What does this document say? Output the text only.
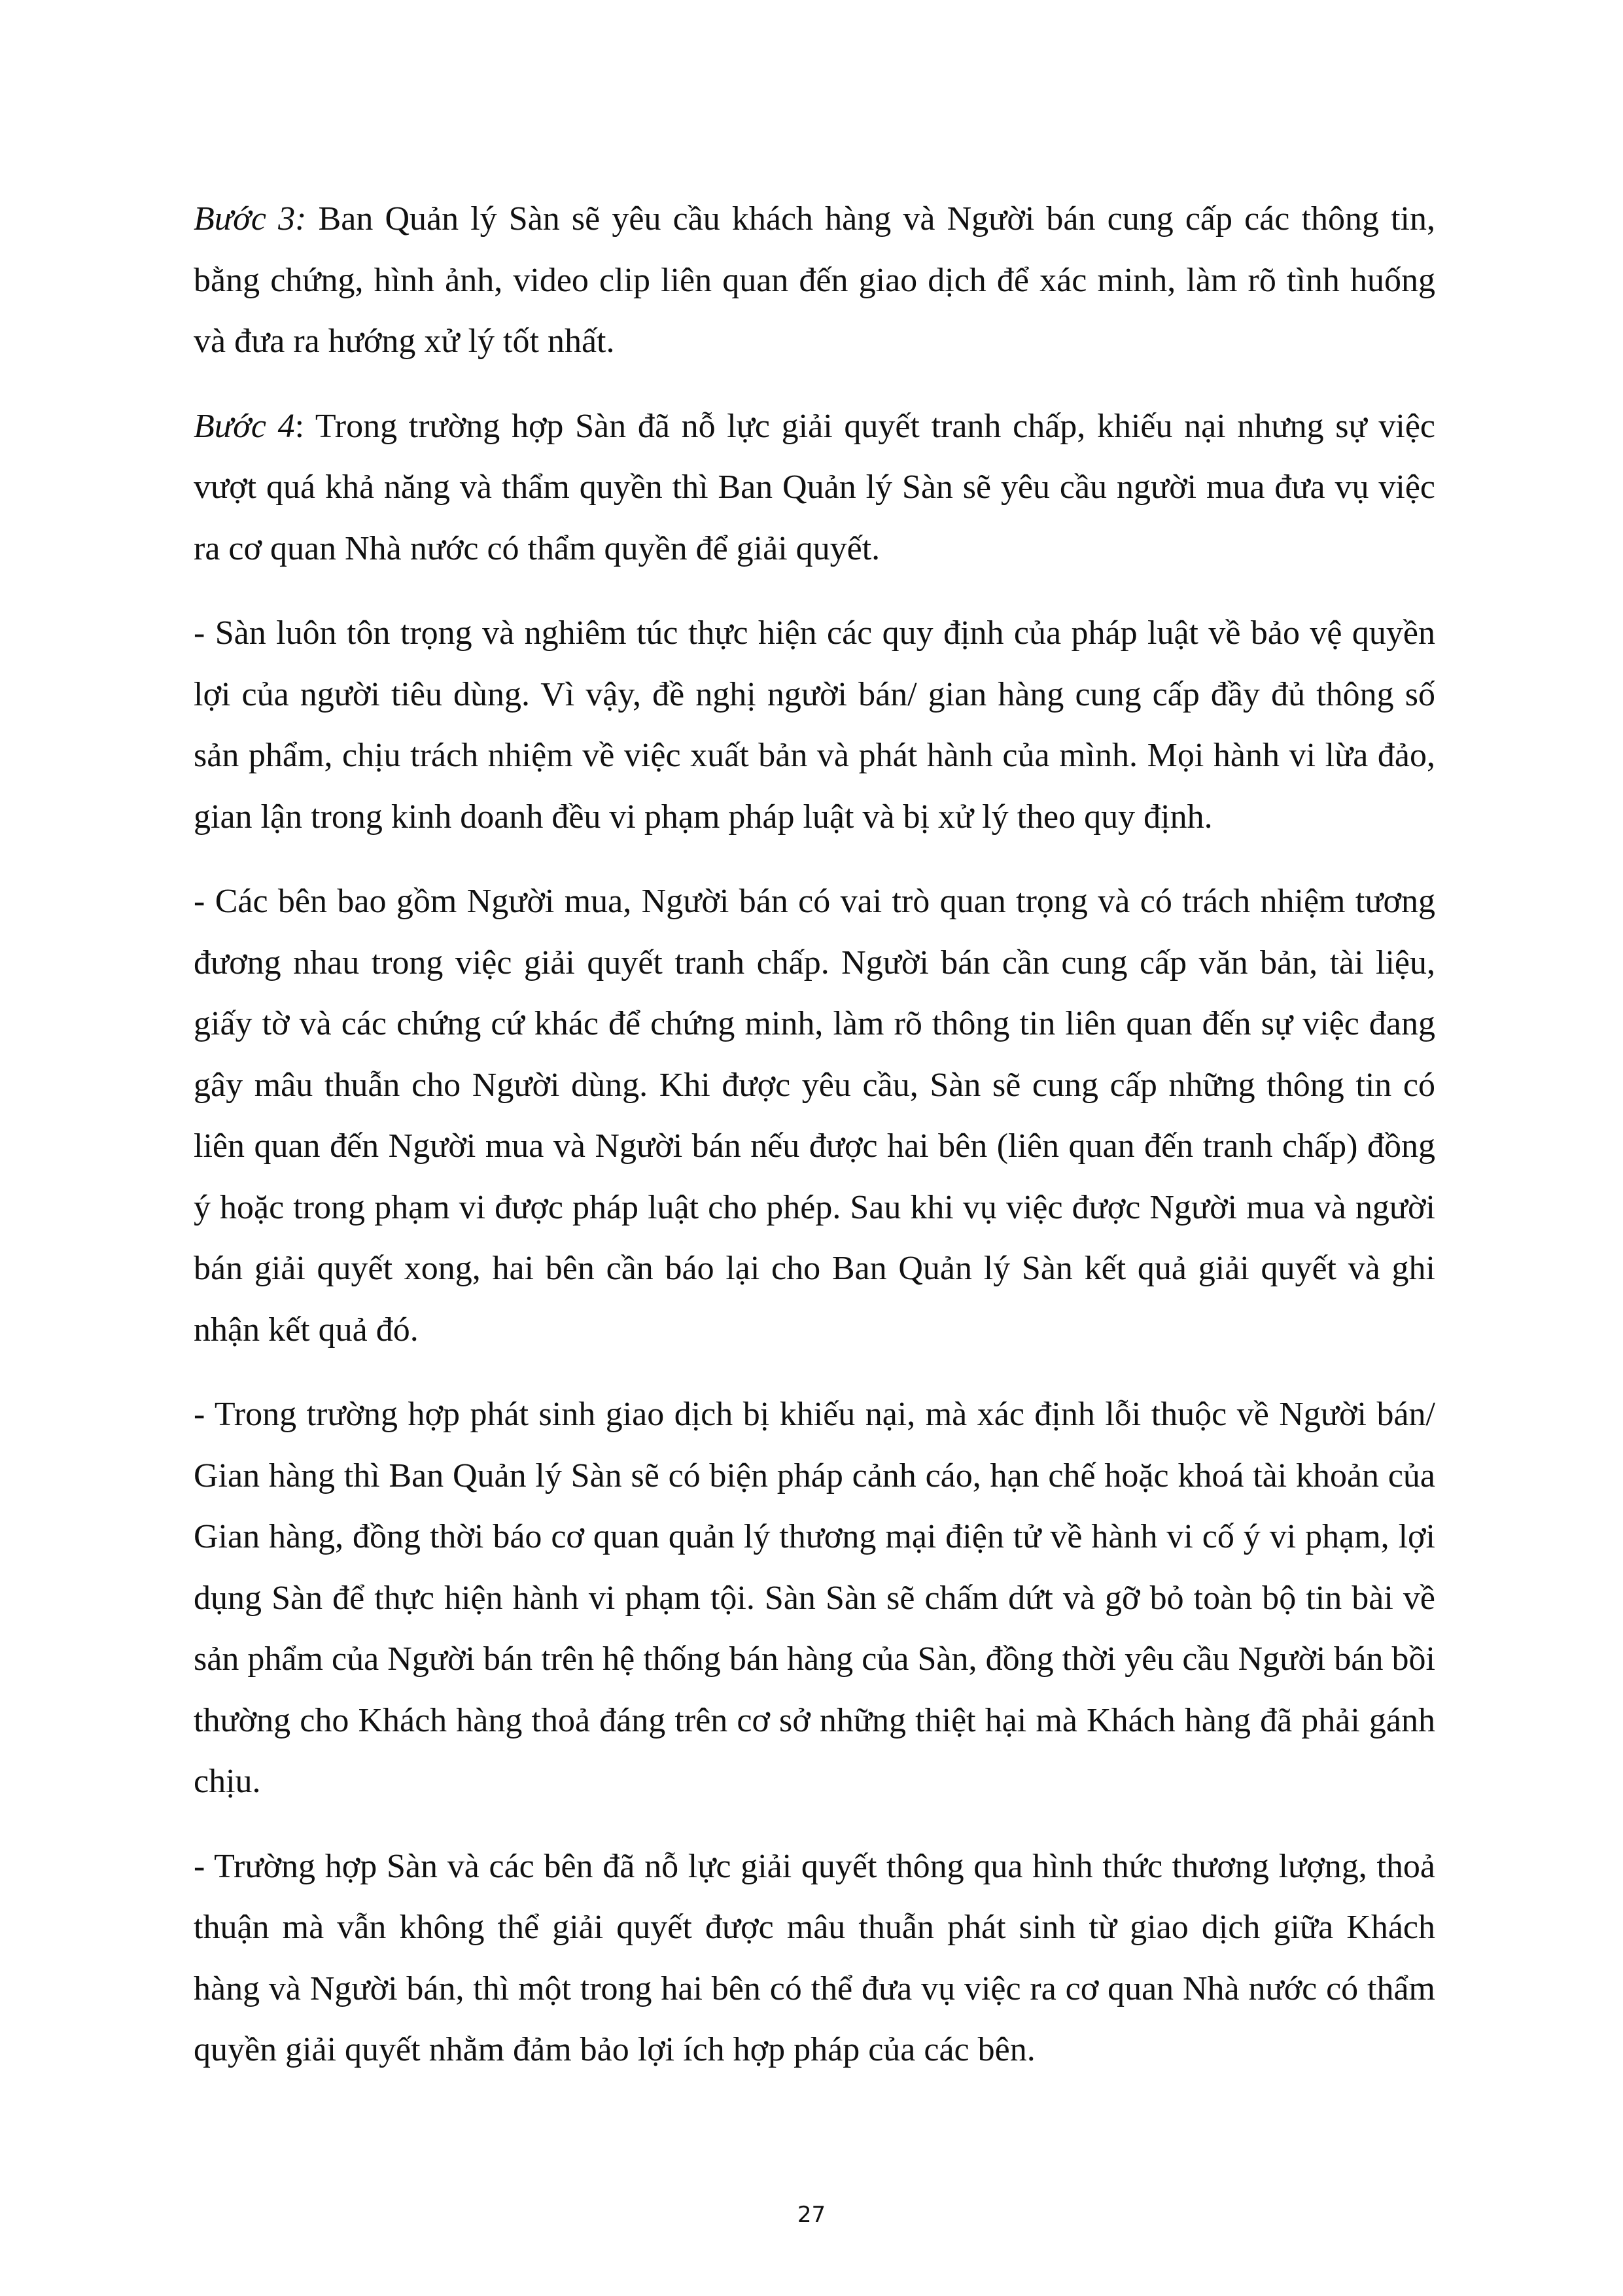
Bước 3: Ban Quản lý Sàn sẽ yêu cầu khách hàng và Người bán cung cấp các thông tin, bằng chứng, hình ảnh, video clip liên quan đến giao dịch để xác minh, làm rõ tình huống và đưa ra hướng xử lý tốt nhất.

Bước 4: Trong trường hợp Sàn đã nỗ lực giải quyết tranh chấp, khiếu nại nhưng sự việc vượt quá khả năng và thẩm quyền thì Ban Quản lý Sàn sẽ yêu cầu người mua đưa vụ việc ra cơ quan Nhà nước có thẩm quyền để giải quyết.

- Sàn luôn tôn trọng và nghiêm túc thực hiện các quy định của pháp luật về bảo vệ quyền lợi của người tiêu dùng. Vì vậy, đề nghị người bán/ gian hàng cung cấp đầy đủ thông số sản phẩm, chịu trách nhiệm về việc xuất bản và phát hành của mình. Mọi hành vi lừa đảo, gian lận trong kinh doanh đều vi phạm pháp luật và bị xử lý theo quy định.

- Các bên bao gồm Người mua, Người bán có vai trò quan trọng và có trách nhiệm tương đương nhau trong việc giải quyết tranh chấp. Người bán cần cung cấp văn bản, tài liệu, giấy tờ và các chứng cứ khác để chứng minh, làm rõ thông tin liên quan đến sự việc đang gây mâu thuẫn cho Người dùng. Khi được yêu cầu, Sàn sẽ cung cấp những thông tin có liên quan đến Người mua và Người bán nếu được hai bên (liên quan đến tranh chấp) đồng ý hoặc trong phạm vi được pháp luật cho phép. Sau khi vụ việc được Người mua và người bán giải quyết xong, hai bên cần báo lại cho Ban Quản lý Sàn kết quả giải quyết và ghi nhận kết quả đó.

- Trong trường hợp phát sinh giao dịch bị khiếu nại, mà xác định lỗi thuộc về Người bán/ Gian hàng thì Ban Quản lý Sàn sẽ có biện pháp cảnh cáo, hạn chế hoặc khoá tài khoản của Gian hàng, đồng thời báo cơ quan quản lý thương mại điện tử về hành vi cố ý vi phạm, lợi dụng Sàn để thực hiện hành vi phạm tội. Sàn Sàn sẽ chấm dứt và gỡ bỏ toàn bộ tin bài về sản phẩm của Người bán trên hệ thống bán hàng của Sàn, đồng thời yêu cầu Người bán bồi thường cho Khách hàng thoả đáng trên cơ sở những thiệt hại mà Khách hàng đã phải gánh chịu.

- Trường hợp Sàn và các bên đã nỗ lực giải quyết thông qua hình thức thương lượng, thoả thuận mà vẫn không thể giải quyết được mâu thuẫn phát sinh từ giao dịch giữa Khách hàng và Người bán, thì một trong hai bên có thể đưa vụ việc ra cơ quan Nhà nước có thẩm quyền giải quyết nhằm đảm bảo lợi ích hợp pháp của các bên.

27
